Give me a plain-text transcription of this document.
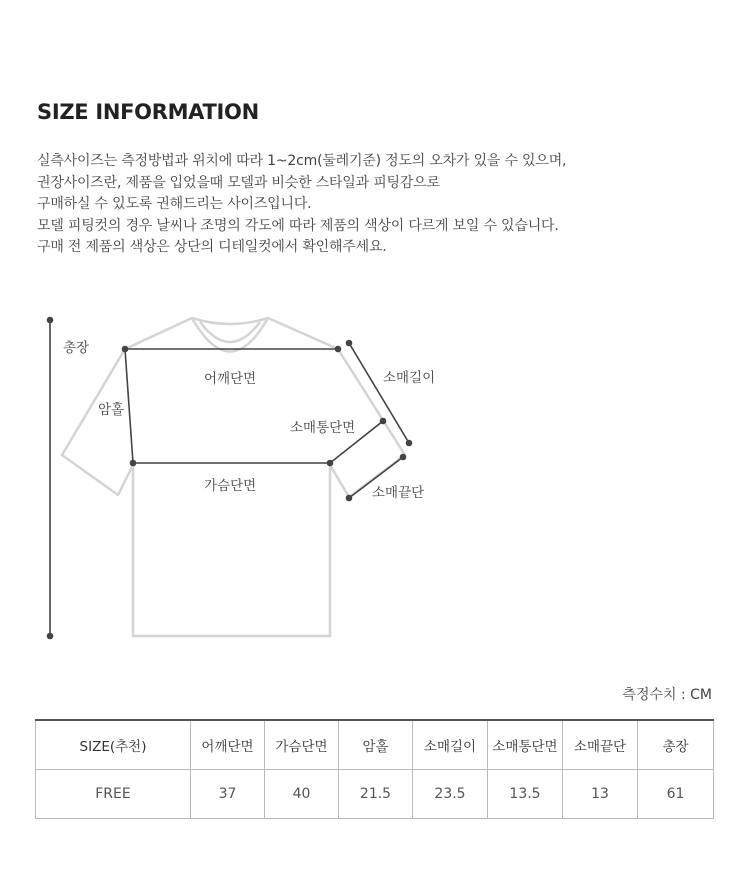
SIZE INFORMATION
실측사이즈는 측정방법과 위치에 따라 1~2cm(둘레기준) 정도의 오차가 있을 수 있으며,
권장사이즈란, 제품을 입었을때 모델과 비슷한 스타일과 피팅감으로
구매하실 수 있도록 권해드리는 사이즈입니다.
모델 피팅컷의 경우 날씨나 조명의 각도에 따라 제품의 색상이 다르게 보일 수 있습니다.
구매 전 제품의 색상은 상단의 디테일컷에서 확인해주세요.
총장
암홀
어깨단면	소매길이
소매통단면
소매끝단
가슴단면
측정수치 : CM
SIZE(추천)	어깨단면	가슴단면	암홀	소매길이	소매통단면	소매끝단	총장
FREE	37	40	21.5	23.5	13.5	13	61
